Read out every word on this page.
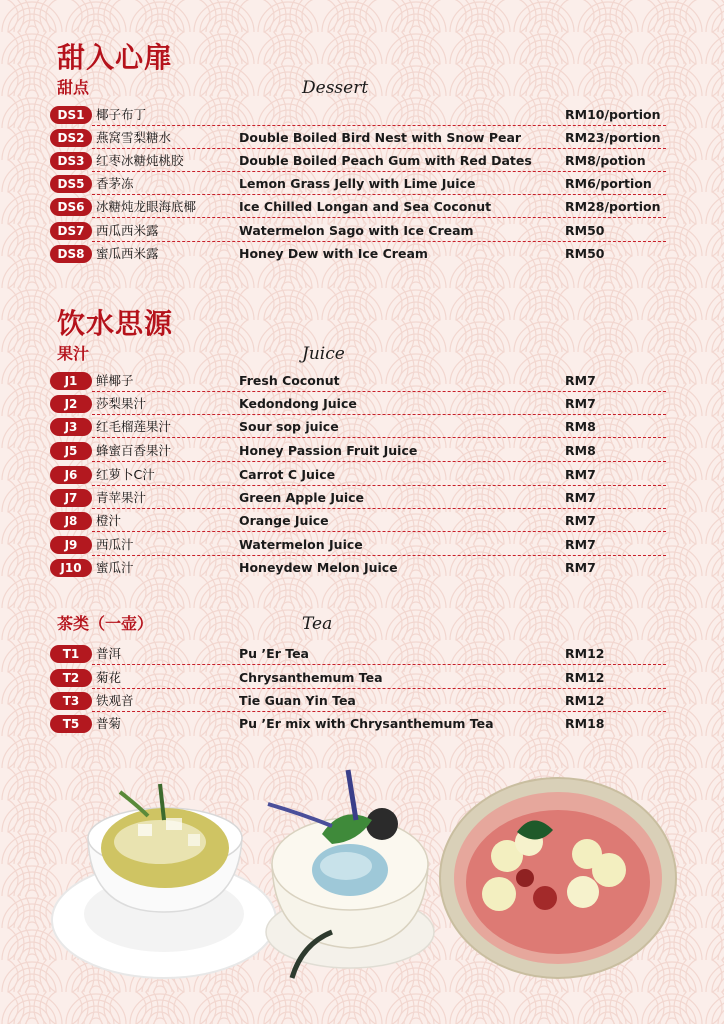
甜入心扉
甜点	Dessert
DS1 椰子布丁	RM10/portion
DS2 燕窝雪梨糖水	Double Boiled Bird Nest with Snow Pear	RM23/portion
DS3 红枣冰糖炖桃胶	Double Boiled Peach Gum with Red Dates	RM8/potion
DS5 香茅冻	Lemon Grass Jelly with Lime Juice	RM6/portion
DS6 冰糖炖龙眼海底椰	Ice Chilled Longan and Sea Coconut	RM28/portion
DS7 西瓜西米露	Watermelon Sago with Ice Cream	RM50
DS8 蜜瓜西米露	Honey Dew with Ice Cream	RM50
饮水思源
果汁	Juice
J1	鲜椰子	Fresh Coconut	RM7
J2	莎梨果汁	Kedondong Juice	RM7
J3	红毛榴莲果汁	Sour sop juice	RM8
J5	蜂蜜百香果汁	Honey Passion Fruit Juice	RM8
J6	红萝卜C汁	Carrot C Juice	RM7
J7	青苹果汁	Green Apple Juice	RM7
J8	橙汁	Orange Juice	RM7
J9	西瓜汁	Watermelon Juice	RM7
J10	蜜瓜汁	Honeydew Melon Juice	RM7
茶类（一壶）	Tea
T1	普洱	Pu ’Er Tea	RM12
T2	菊花	Chrysanthemum Tea	RM12
T3	铁观音	Tie Guan Yin Tea	RM12
T5	普菊	Pu ’Er mix with Chrysanthemum Tea	RM18
